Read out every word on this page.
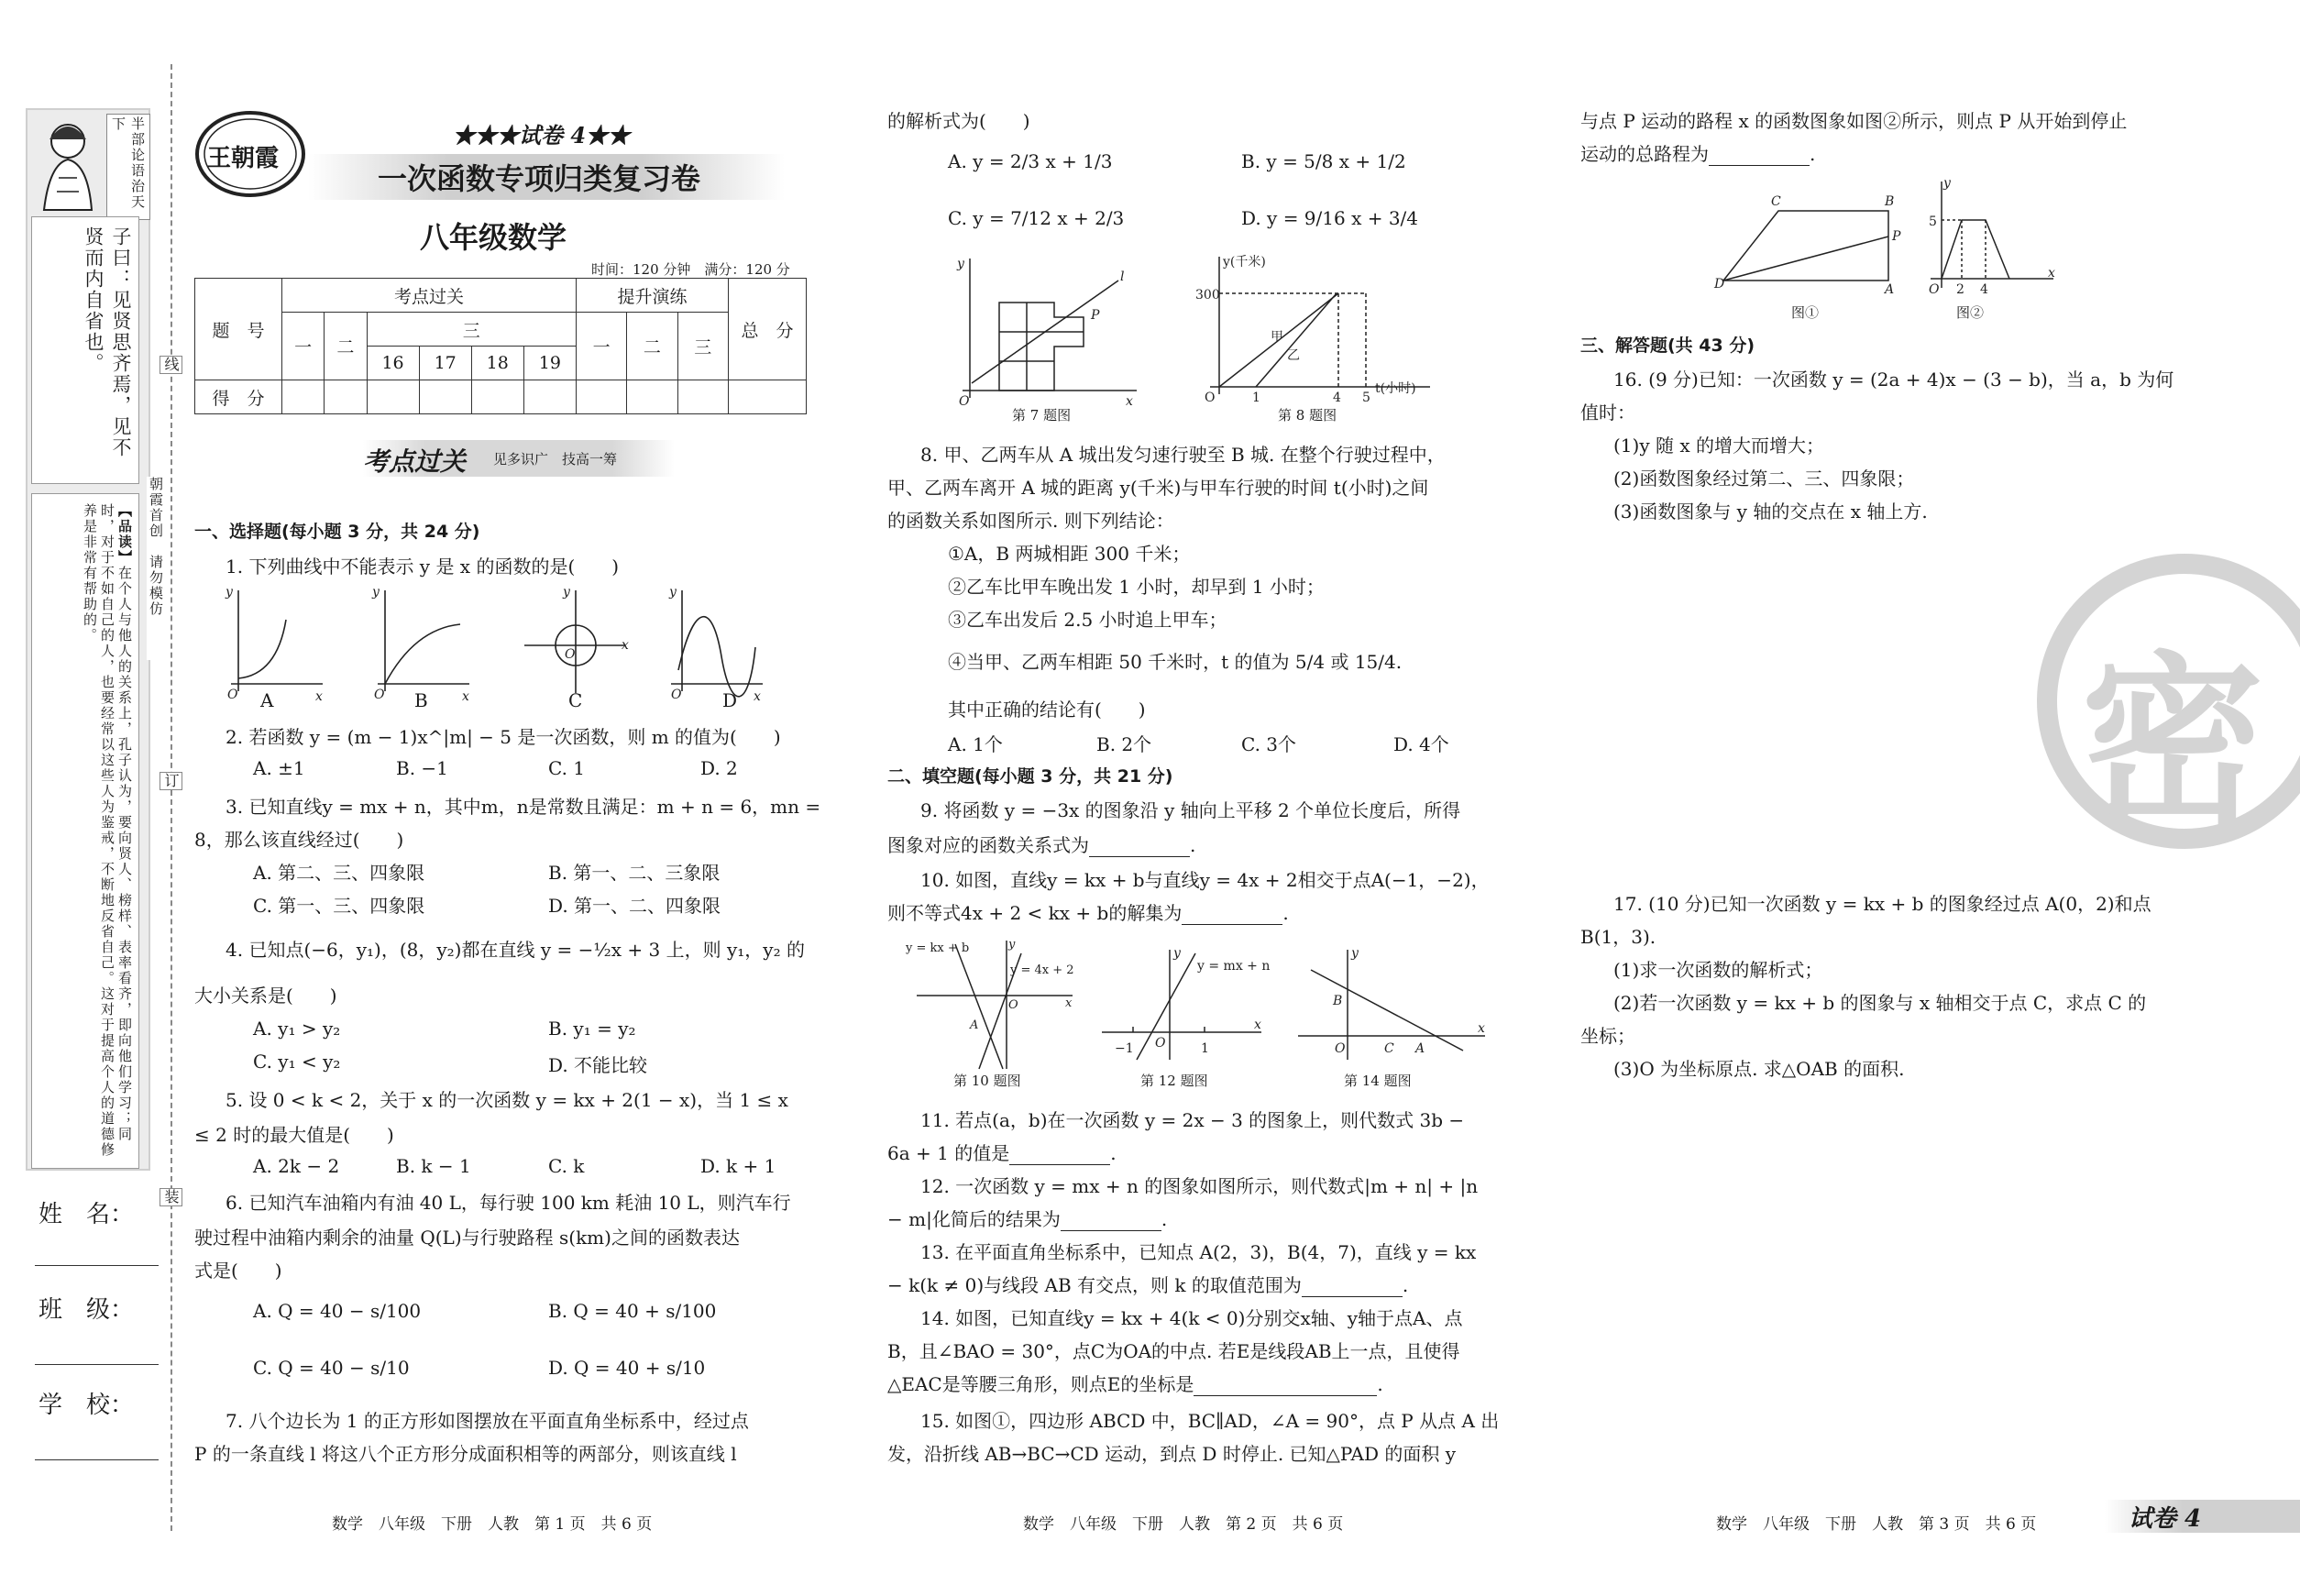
半部论语治天下
子曰：见贤思齐焉，见不贤而内自省也。
【品读】在个人与他人的关系上，孔子认为，要向贤人、榜样、表率看齐，即向他们学习；同时，对于不如自己的人，也要经常以这些人为鉴戒，不断地反省自己。这对于提高个人的道德修养是非常有帮助的。
姓　名：
班　级：
学　校：
线
朝霞首创　请勿模仿
订
装
王朝霞
★★★试卷 4★★
一次函数专项归类复习卷
八年级数学
时间：120 分钟　满分：120 分
题　号	考点过关						提升演练			总　分
	一	二	三				一	二	三	
			16	17	18	19				
得　分										
考点过关 见多识广　技高一筹
一、选择题(每小题 3 分，共 24 分)
1. 下列曲线中不能表示 y 是 x 的函数的是(　　)
y
O	x
y
O	x
y
O
x
y
O	x
A	B	C	D
2. 若函数 y = (m − 1)x^|m| − 5 是一次函数，则 m 的值为(　　)
A. ±1	B. −1	C. 1	D. 2
3. 已知直线y = mx + n，其中m，n是常数且满足：m + n = 6，mn =
8，那么该直线经过(　　)
A. 第二、三、四象限	B. 第一、二、三象限
C. 第一、三、四象限	D. 第一、二、四象限
4. 已知点(−6，y₁)，(8，y₂)都在直线 y = −½x + 3 上，则 y₁，y₂ 的
大小关系是(　　)
A. y₁ > y₂	B. y₁ = y₂
C. y₁ < y₂	D. 不能比较
5. 设 0 < k < 2，关于 x 的一次函数 y = kx + 2(1 − x)，当 1 ≤ x
≤ 2 时的最大值是(　　)
A. 2k − 2	B. k − 1	C. k	D. k + 1
6. 已知汽车油箱内有油 40 L，每行驶 100 km 耗油 10 L，则汽车行
驶过程中油箱内剩余的油量 Q(L)与行驶路程 s(km)之间的函数表达
式是(　　)
A. Q = 40 − s/100	B. Q = 40 + s/100
C. Q = 40 − s/10	D. Q = 40 + s/10
7. 八个边长为 1 的正方形如图摆放在平面直角坐标系中，经过点
P 的一条直线 l 将这八个正方形分成面积相等的两部分，则该直线 l
数学　八年级　下册　人教　第 1 页　共 6 页
的解析式为(　　)
A. y = 2/3 x + 1/3	B. y = 5/8 x + 1/2
C. y = 7/12 x + 2/3	D. y = 9/16 x + 3/4
y
O	x
l
P
第 7 题图
y(千米)
300
O	1	4 5
t(小时)
甲
乙
第 8 题图
8. 甲、乙两车从 A 城出发匀速行驶至 B 城. 在整个行驶过程中，
甲、乙两车离开 A 城的距离 y(千米)与甲车行驶的时间 t(小时)之间
的函数关系如图所示. 则下列结论：
①A，B 两城相距 300 千米；
②乙车比甲车晚出发 1 小时，却早到 1 小时；
③乙车出发后 2.5 小时追上甲车；
④当甲、乙两车相距 50 千米时，t 的值为 5/4 或 15/4.
其中正确的结论有(　　)
A. 1个	B. 2个	C. 3个	D. 4个
二、填空题(每小题 3 分，共 21 分)
9. 将函数 y = −3x 的图象沿 y 轴向上平移 2 个单位长度后，所得
图象对应的函数关系式为	.
10. 如图，直线y = kx + b与直线y = 4x + 2相交于点A(−1，−2)，
则不等式4x + 2 < kx + b的解集为	.
y = kx + b
y = 4x + 2
y
x
O
A
第 10 题图
y
y = mx + n
−1 O	1
x
第 12 题图
y
x
O
B
C A
第 14 题图
11. 若点(a，b)在一次函数 y = 2x − 3 的图象上，则代数式 3b −
6a + 1 的值是	.
12. 一次函数 y = mx + n 的图象如图所示，则代数式|m + n| + |n
− m|化简后的结果为	.
13. 在平面直角坐标系中，已知点 A(2，3)，B(4，7)，直线 y = kx
− k(k ≠ 0)与线段 AB 有交点，则 k 的取值范围为	.
14. 如图，已知直线y = kx + 4(k < 0)分别交x轴、y轴于点A、点
B，且∠BAO = 30°，点C为OA的中点. 若E是线段AB上一点，且使得
△EAC是等腰三角形，则点E的坐标是	.
15. 如图①，四边形 ABCD 中，BC∥AD，∠A = 90°，点 P 从点 A 出
发，沿折线 AB→BC→CD 运动，到点 D 时停止. 已知△PAD 的面积 y
数学　八年级　下册　人教　第 2 页　共 6 页
与点 P 运动的路程 x 的函数图象如图②所示，则点 P 从开始到停止
运动的总路程为	.
D
C	B
P
A
图①
y
5
O 2 4
x
图②
三、解答题(共 43 分)
16. (9 分)已知：一次函数 y = (2a + 4)x − (3 − b)，当 a，b 为何
值时：
(1)y 随 x 的增大而增大；
(2)函数图象经过第二、三、四象限；
(3)函数图象与 y 轴的交点在 x 轴上方.
密
17. (10 分)已知一次函数 y = kx + b 的图象经过点 A(0，2)和点
B(1，3).
(1)求一次函数的解析式；
(2)若一次函数 y = kx + b 的图象与 x 轴相交于点 C，求点 C 的
坐标；
(3)O 为坐标原点. 求△OAB 的面积.
数学　八年级　下册　人教　第 3 页　共 6 页	试卷 4
